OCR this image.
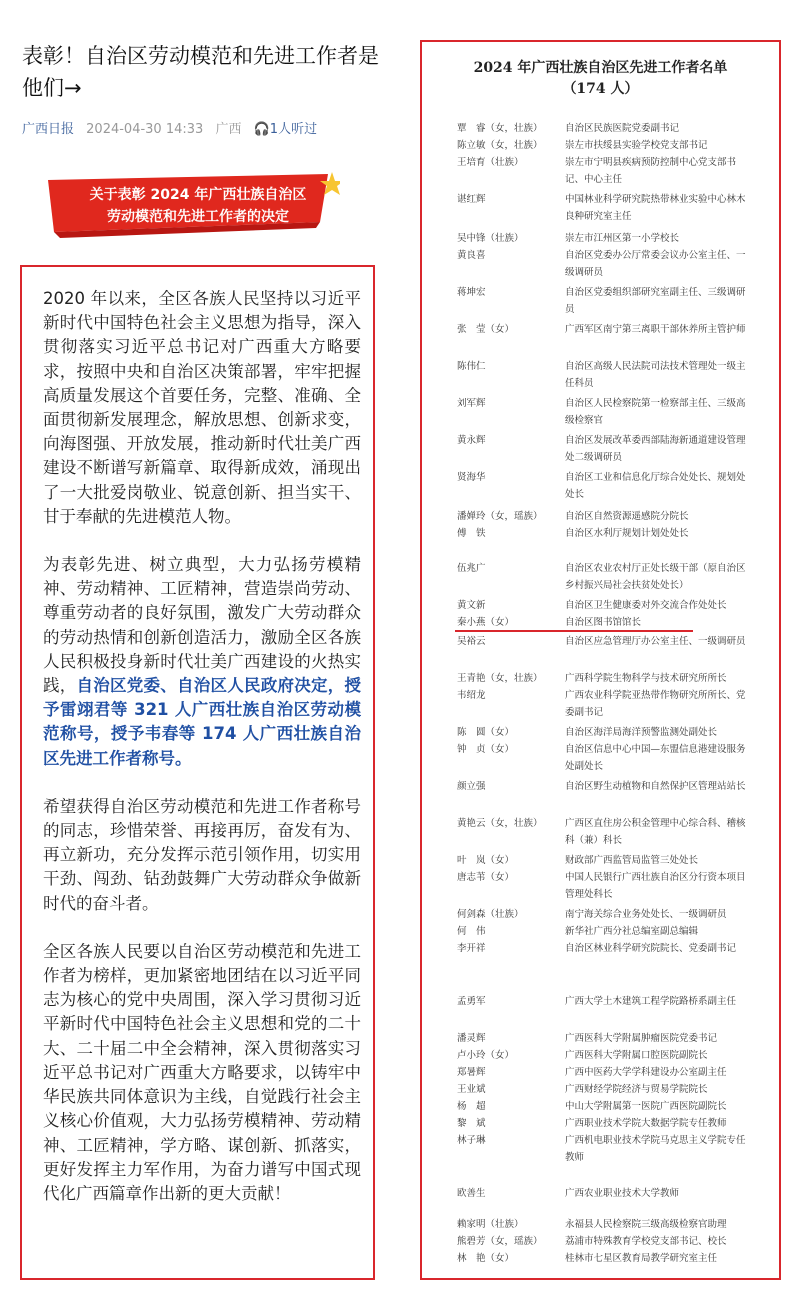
表彰！自治区劳动模范和先进工作者是他们→
广西日报 2024-04-30 14:33 广西 🎧1人听过
关于表彰 2024 年广西壮族自治区
劳动模范和先进工作者的决定

2020 年以来，全区各族人民坚持以习近平新时代中国特色社会主义思想为指导，深入贯彻落实习近平总书记对广西重大方略要求，按照中央和自治区决策部署，牢牢把握高质量发展这个首要任务，完整、准确、全面贯彻新发展理念，解放思想、创新求变，向海图强、开放发展，推动新时代壮美广西建设不断谱写新篇章、取得新成效，涌现出了一大批爱岗敬业、锐意创新、担当实干、甘于奉献的先进模范人物。

为表彰先进、树立典型，大力弘扬劳模精神、劳动精神、工匠精神，营造崇尚劳动、尊重劳动者的良好氛围，激发广大劳动群众的劳动热情和创新创造活力，激励全区各族人民积极投身新时代壮美广西建设的火热实践，自治区党委、自治区人民政府决定，授予雷翊君等 321 人广西壮族自治区劳动模范称号，授予韦春等 174 人广西壮族自治区先进工作者称号。

希望获得自治区劳动模范和先进工作者称号的同志，珍惜荣誉、再接再厉，奋发有为、再立新功，充分发挥示范引领作用，切实用干劲、闯劲、钻劲鼓舞广大劳动群众争做新时代的奋斗者。

全区各族人民要以自治区劳动模范和先进工作者为榜样，更加紧密地团结在以习近平同志为核心的党中央周围，深入学习贯彻习近平新时代中国特色社会主义思想和党的二十大、二十届二中全会精神，深入贯彻落实习近平总书记对广西重大方略要求，以铸牢中华民族共同体意识为主线，自觉践行社会主义核心价值观，大力弘扬劳模精神、劳动精神、工匠精神，学方略、谋创新、抓落实，更好发挥主力军作用，为奋力谱写中国式现代化广西篇章作出新的更大贡献！

2024 年广西壮族自治区先进工作者名单
（174 人）
覃　睿（女，壮族）	自治区民族医院党委副书记
陈立敏（女，壮族）	崇左市扶绥县实验学校党支部书记
王培育（壮族）	崇左市宁明县疾病预防控制中心党支部书记、中心主任
谌红辉	中国林业科学研究院热带林业实验中心林木良种研究室主任
吴中锋（壮族）	崇左市江州区第一小学校长
黄良喜	自治区党委办公厅常委会议办公室主任、一级调研员
蒋坤宏	自治区党委组织部研究室副主任、三级调研员
张　莹（女）	广西军区南宁第三离职干部休养所主管护师
陈伟仁	自治区高级人民法院司法技术管理处一级主任科员
刘军辉	自治区人民检察院第一检察部主任、三级高级检察官
黄永辉	自治区发展改革委西部陆海新通道建设管理处二级调研员
贤海华	自治区工业和信息化厅综合处处长、规划处处长
潘婵玲（女，瑶族）	自治区自然资源遥感院分院长
傅　铁	自治区水利厅规划计划处处长
伍兆广	自治区农业农村厅正处长级干部（原自治区乡村振兴局社会扶贫处处长）
黄文新	自治区卫生健康委对外交流合作处处长
秦小燕（女）	自治区图书馆馆长
吴裕云	自治区应急管理厅办公室主任、一级调研员
王青艳（女，壮族）	广西科学院生物科学与技术研究所所长
韦绍龙	广西农业科学院亚热带作物研究所所长、党委副书记
陈　圆（女）	自治区海洋局海洋预警监测处副处长
钟　贞（女）	自治区信息中心中国—东盟信息港建设服务处副处长
颜立强	自治区野生动植物和自然保护区管理站站长
黄艳云（女，壮族）	广西区直住房公积金管理中心综合科、稽核科（兼）科长
叶　岚（女）	财政部广西监管局监管三处处长
唐志苇（女）	中国人民银行广西壮族自治区分行资本项目管理处科长
何剑森（壮族）	南宁海关综合业务处处长、一级调研员
何　伟	新华社广西分社总编室副总编辑
李开祥	自治区林业科学研究院院长、党委副书记
孟勇军	广西大学土木建筑工程学院路桥系副主任
潘灵辉	广西医科大学附属肿瘤医院党委书记
卢小玲（女）	广西医科大学附属口腔医院副院长
郑暑辉	广西中医药大学学科建设办公室副主任
王业斌	广西财经学院经济与贸易学院院长
杨　超	中山大学附属第一医院广西医院副院长
黎　斌	广西职业技术学院大数据学院专任教师
林子琳	广西机电职业技术学院马克思主义学院专任教师
欧善生	广西农业职业技术大学教师
赖家明（壮族）	永福县人民检察院三级高级检察官助理
熊碧芳（女，瑶族）	荔浦市特殊教育学校党支部书记、校长
林　艳（女）	桂林市七星区教育局教学研究室主任
